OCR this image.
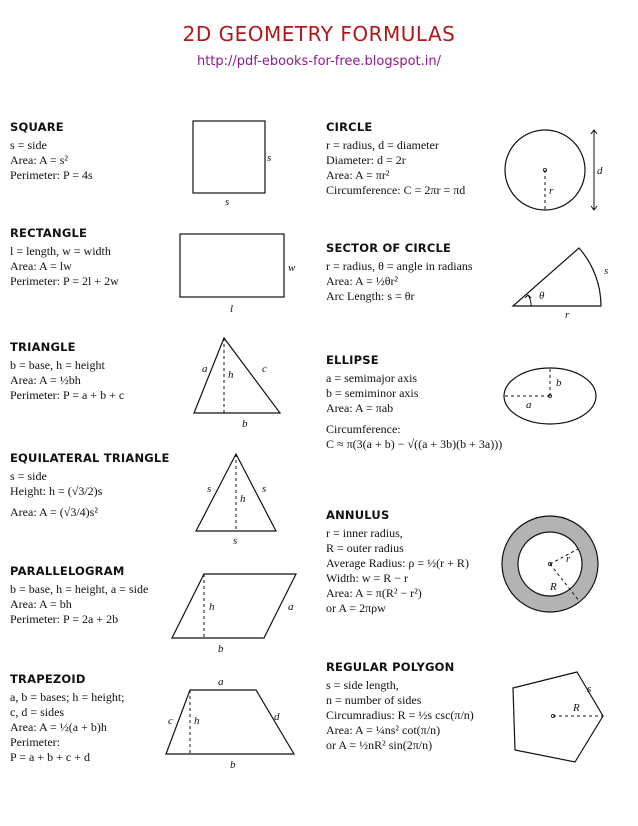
2D GEOMETRY FORMULAS
http://pdf-ebooks-for-free.blogspot.in/
SQUARE
s = side
Area: A = s²
Perimeter: P = 4s
s
s
RECTANGLE
l = length, w = width
Area: A = lw
Perimeter: P = 2l + 2w
w
l
TRIANGLE
b = base, h = height
Area: A = ½bh
Perimeter: P = a + b + c
a h	c
b
EQUILATERAL TRIANGLE
s = side
Height: h = (√3/2)s
Area: A = (√3/4)s²
s	s
h
s
PARALLELOGRAM
b = base, h = height, a = side
Area: A = bh
Perimeter: P = 2a + 2b
h	a
b
TRAPEZOID
a, b = bases; h = height;
c, d = sides
Area: A = ½(a + b)h
Perimeter:
P = a + b + c + d
a
c h	d
b
CIRCLE
r = radius, d = diameter
Diameter: d = 2r
Area: A = πr²
Circumference: C = 2πr = πd	r
d
SECTOR OF CIRCLE
r = radius, θ = angle in radians
Area: A = ½θr²
Arc Length: s = θr
s
θ
r
ELLIPSE
a = semimajor axis
b = semiminor axis
Area: A = πab
Circumference:
C ≈ π(3(a + b) − √((a + 3b)(b + 3a)))
b
a
ANNULUS
r = inner radius,
R = outer radius
Average Radius: ρ = ½(r + R)
Width: w = R − r
Area: A = π(R² − r²)
or A = 2πρw
r
R
REGULAR POLYGON
s = side length,
n = number of sides
Circumradius: R = ½s csc(π/n)
Area: A = ¼ns² cot(π/n)
or A = ½nR² sin(2π/n)
s
R
